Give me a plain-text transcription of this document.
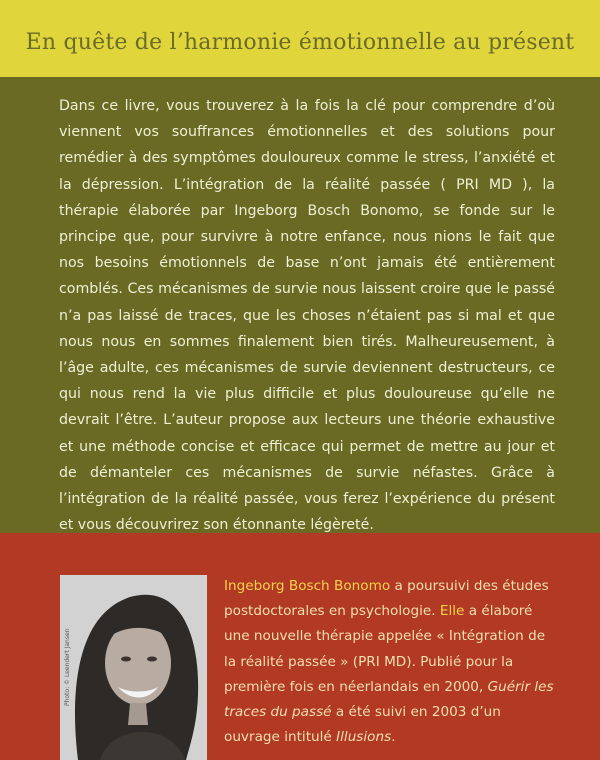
En quête de l’harmonie émotionnelle au présent

Dans ce livre, vous trouverez à la fois la clé pour comprendre d’où viennent vos souffrances émotionnelles et des solutions pour remédier à des symptômes douloureux comme le stress, l’anxiété et la dépression. L’intégration de la réalité passée ( PRI MD ), la thérapie élaborée par Ingeborg Bosch Bonomo, se fonde sur le principe que, pour survivre à notre enfance, nous nions le fait que nos besoins émotionnels de base n’ont jamais été entièrement comblés. Ces mécanismes de survie nous laissent croire que le passé n’a pas laissé de traces, que les choses n’étaient pas si mal et que nous nous en sommes finalement bien tirés. Malheureusement, à l’âge adulte, ces mécanismes de survie deviennent destructeurs, ce qui nous rend la vie plus difficile et plus douloureuse qu’elle ne devrait l’être. L’auteur propose aux lecteurs une théorie exhaustive et une méthode concise et efficace qui permet de mettre au jour et de démanteler ces mécanismes de survie néfastes. Grâce à l’intégration de la réalité passée, vous ferez l’expérience du présent et vous découvrirez son étonnante légèreté.

Photo: © Leendert Jansen

Ingeborg Bosch Bonomo a poursuivi des études postdoctorales en psychologie. Elle a élaboré une nouvelle thérapie appelée « Intégration de la réalité passée » (PRI MD). Publié pour la première fois en néerlandais en 2000, Guérir les traces du passé a été suivi en 2003 d’un ouvrage intitulé Illusions.
